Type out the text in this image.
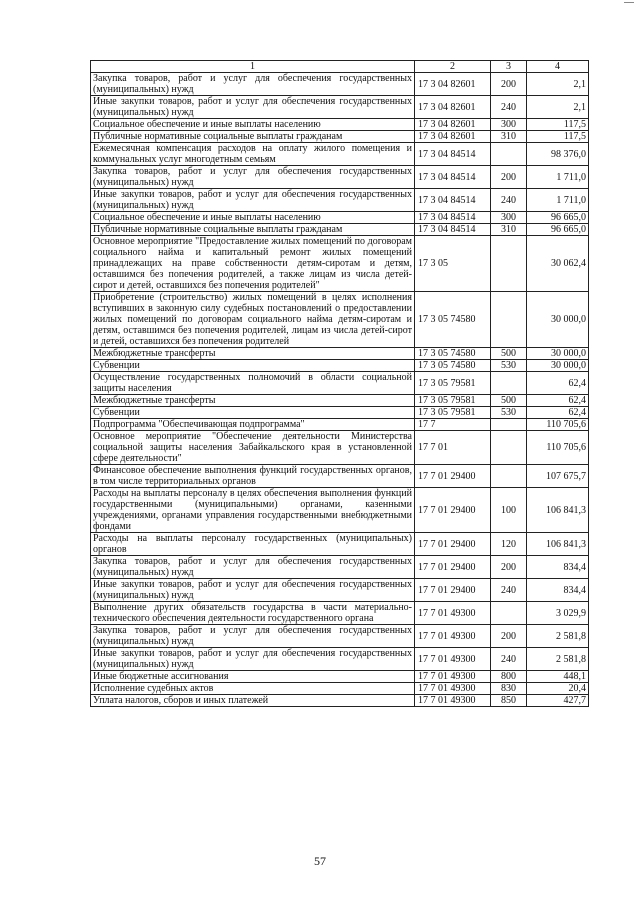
1	2	3	4
Закупка товаров, работ и услуг для обеспечения государственных (муниципальных) нужд	17 3 04 82601	200	2,1
Иные закупки товаров, работ и услуг для обеспечения государственных (муниципальных) нужд	17 3 04 82601	240	2,1
Социальное обеспечение и иные выплаты населению	17 3 04 82601	300	117,5
Публичные нормативные социальные выплаты гражданам	17 3 04 82601	310	117,5
Ежемесячная компенсация расходов на оплату жилого помещения и коммунальных услуг многодетным семьям	17 3 04 84514		98 376,0
Закупка товаров, работ и услуг для обеспечения государственных (муниципальных) нужд	17 3 04 84514	200	1 711,0
Иные закупки товаров, работ и услуг для обеспечения государственных (муниципальных) нужд	17 3 04 84514	240	1 711,0
Социальное обеспечение и иные выплаты населению	17 3 04 84514	300	96 665,0
Публичные нормативные социальные выплаты гражданам	17 3 04 84514	310	96 665,0
Основное мероприятие "Предоставление жилых помещений по договорам социального найма и капитальный ремонт жилых помещений принадлежащих на праве собственности детям-сиротам и детям, оставшимся без попечения родителей, а также лицам из числа детей-сирот и детей, оставшихся без попечения родителей"	17 3 05		30 062,4
Приобретение (строительство) жилых помещений в целях исполнения вступивших в законную силу судебных постановлений о предоставлении жилых помещений по договорам социального найма детям-сиротам и детям, оставшимся без попечения родителей, лицам из числа детей-сирот и детей, оставшихся без попечения родителей	17 3 05 74580		30 000,0
Межбюджетные трансферты	17 3 05 74580	500	30 000,0
Субвенции	17 3 05 74580	530	30 000,0
Осуществление государственных полномочий в области социальной защиты населения	17 3 05 79581		62,4
Межбюджетные трансферты	17 3 05 79581	500	62,4
Субвенции	17 3 05 79581	530	62,4
Подпрограмма "Обеспечивающая подпрограмма"	17 7		110 705,6
Основное мероприятие "Обеспечение деятельности Министерства социальной защиты населения Забайкальского края в установленной сфере деятельности"	17 7 01		110 705,6
Финансовое обеспечение выполнения функций государственных органов, в том числе территориальных органов	17 7 01 29400		107 675,7
Расходы на выплаты персоналу в целях обеспечения выполнения функций государственными (муниципальными) органами, казенными учреждениями, органами управления государственными внебюджетными фондами	17 7 01 29400	100	106 841,3
Расходы на выплаты персоналу государственных (муниципальных) органов	17 7 01 29400	120	106 841,3
Закупка товаров, работ и услуг для обеспечения государственных (муниципальных) нужд	17 7 01 29400	200	834,4
Иные закупки товаров, работ и услуг для обеспечения государственных (муниципальных) нужд	17 7 01 29400	240	834,4
Выполнение других обязательств государства в части материально-технического обеспечения деятельности государственного органа	17 7 01 49300		3 029,9
Закупка товаров, работ и услуг для обеспечения государственных (муниципальных) нужд	17 7 01 49300	200	2 581,8
Иные закупки товаров, работ и услуг для обеспечения государственных (муниципальных) нужд	17 7 01 49300	240	2 581,8
Иные бюджетные ассигнования	17 7 01 49300	800	448,1
Исполнение судебных актов	17 7 01 49300	830	20,4
Уплата налогов, сборов и иных платежей	17 7 01 49300	850	427,7
57
